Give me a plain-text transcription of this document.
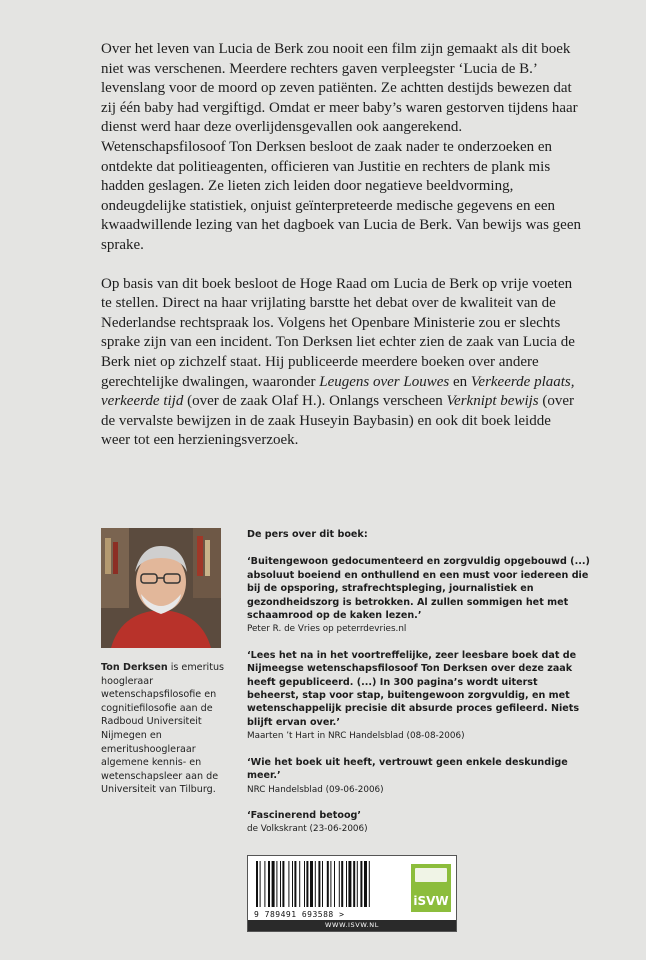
Over het leven van Lucia de Berk zou nooit een film zijn gemaakt als dit boek niet was verschenen. Meerdere rechters gaven verpleegster ‘Lucia de B.’ levenslang voor de moord op zeven patiënten. Ze achtten destijds bewezen dat zij één baby had vergiftigd. Omdat er meer baby’s waren gestorven tijdens haar dienst werd haar deze overlijdensgevallen ook aangerekend. Wetenschapsfilosoof Ton Derksen besloot de zaak nader te onderzoeken en ontdekte dat politieagenten, officieren van Justitie en rechters de plank mis hadden geslagen. Ze lieten zich leiden door negatieve beeldvorming, ondeugdelijke statistiek, onjuist geïnterpreteerde medische gegevens en een kwaadwillende lezing van het dagboek van Lucia de Berk. Van bewijs was geen sprake.

Op basis van dit boek besloot de Hoge Raad om Lucia de Berk op vrije voeten te stellen. Direct na haar vrijlating barstte het debat over de kwaliteit van de Nederlandse rechtspraak los. Volgens het Openbare Ministerie zou er slechts sprake zijn van een incident. Ton Derksen liet echter zien de zaak van Lucia de Berk niet op zichzelf staat. Hij publiceerde meerdere boeken over andere gerechtelijke dwalingen, waaronder Leugens over Louwes en Verkeerde plaats, verkeerde tijd (over de zaak Olaf H.). Onlangs verscheen Verknipt bewijs (over de vervalste bewijzen in de zaak Huseyin Baybasin) en ook dit boek leidde weer tot een herzieningsverzoek.

Ton Derksen is emeritus hoogleraar wetenschapsfilosofie en cognitiefilosofie aan de Radboud Universiteit Nijmegen en emeritushoogleraar algemene kennis- en wetenschapsleer aan de Universiteit van Tilburg.
De pers over dit boek:
‘Buitengewoon gedocumenteerd en zorgvuldig opgebouwd (...) absoluut boeiend en onthullend en een must voor iedereen die bij de opsporing, strafrechtspleging, journalistiek en gezondheidszorg is betrokken. Al zullen sommigen het met schaamrood op de kaken lezen.’
Peter R. de Vries op peterrdevries.nl
‘Lees het na in het voortreffelijke, zeer leesbare boek dat de Nijmeegse wetenschapsfilosoof Ton Derksen over deze zaak heeft gepubliceerd. (...) In 300 pagina’s wordt uiterst beheerst, stap voor stap, buitengewoon zorgvuldig, en met wetenschappelijk precisie dit absurde proces gefileerd. Niets blijft ervan over.’
Maarten ’t Hart in NRC Handelsblad (08-08-2006)
‘Wie het boek uit heeft, vertrouwt geen enkele deskundige meer.’
NRC Handelsblad (09-06-2006)
‘Fascinerend betoog’
de Volkskrant (23-06-2006)
9 789491 693588 >
iSVW
WWW.ISVW.NL
